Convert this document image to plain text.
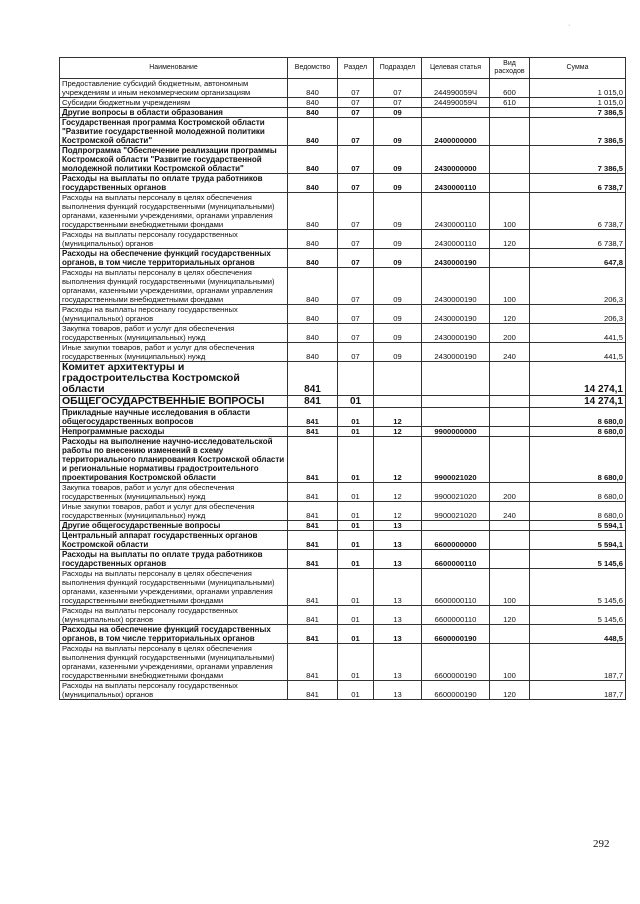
·
Наименование	Ведомство	Раздел	Подраздел	Целевая статья	Вид расходов	Сумма
Предоставление субсидий бюджетным, автономным учреждениям и иным некоммерческим организациям	840	07	07	244990059Ч	600	1 015,0
Субсидии бюджетным учреждениям	840	07	07	244990059Ч	610	1 015,0
Другие вопросы в области образования	840	07	09			7 386,5
Государственная программа Костромской области "Развитие государственной молодежной политики Костромской области"	840	07	09	2400000000		7 386,5
Подпрограмма "Обеспечение реализации программы Костромской области "Развитие государственной молодежной политики Костромской области"	840	07	09	2430000000		7 386,5
Расходы на выплаты по оплате труда работников государственных органов	840	07	09	2430000110		6 738,7
Расходы на выплаты персоналу в целях обеспечения выполнения функций государственными (муниципальными) органами, казенными учреждениями, органами управления государственными внебюджетными фондами	840	07	09	2430000110	100	6 738,7
Расходы на выплаты персоналу государственных (муниципальных) органов	840	07	09	2430000110	120	6 738,7
Расходы на обеспечение функций государственных органов, в том числе территориальных органов	840	07	09	2430000190		647,8
Расходы на выплаты персоналу в целях обеспечения выполнения функций государственными (муниципальными) органами, казенными учреждениями, органами управления государственными внебюджетными фондами	840	07	09	2430000190	100	206,3
Расходы на выплаты персоналу государственных (муниципальных) органов	840	07	09	2430000190	120	206,3
Закупка товаров, работ и услуг для обеспечения государственных (муниципальных) нужд	840	07	09	2430000190	200	441,5
Иные закупки товаров, работ и услуг для обеспечения государственных (муниципальных) нужд	840	07	09	2430000190	240	441,5
Комитет архитектуры и градостроительства Костромской области	841					14 274,1
ОБЩЕГОСУДАРСТВЕННЫЕ ВОПРОСЫ	841	01				14 274,1
Прикладные научные исследования в области общегосударственных вопросов	841	01	12			8 680,0
Непрограммные расходы	841	01	12	9900000000		8 680,0
Расходы на выполнение научно-исследовательской работы по внесению изменений в схему территориального планирования Костромской области и региональные нормативы градостроительного проектирования Костромской области	841	01	12	9900021020		8 680,0
Закупка товаров, работ и услуг для обеспечения государственных (муниципальных) нужд	841	01	12	9900021020	200	8 680,0
Иные закупки товаров, работ и услуг для обеспечения государственных (муниципальных) нужд	841	01	12	9900021020	240	8 680,0
Другие общегосударственные вопросы	841	01	13			5 594,1
Центральный аппарат государственных органов Костромской области	841	01	13	6600000000		5 594,1
Расходы на выплаты по оплате труда работников государственных органов	841	01	13	6600000110		5 145,6
Расходы на выплаты персоналу в целях обеспечения выполнения функций государственными (муниципальными) органами, казенными учреждениями, органами управления государственными внебюджетными фондами	841	01	13	6600000110	100	5 145,6
Расходы на выплаты персоналу государственных (муниципальных) органов	841	01	13	6600000110	120	5 145,6
Расходы на обеспечение функций государственных органов, в том числе территориальных органов	841	01	13	6600000190		448,5
Расходы на выплаты персоналу в целях обеспечения выполнения функций государственными (муниципальными) органами, казенными учреждениями, органами управления государственными внебюджетными фондами	841	01	13	6600000190	100	187,7
Расходы на выплаты персоналу государственных (муниципальных) органов	841	01	13	6600000190	120	187,7
292
